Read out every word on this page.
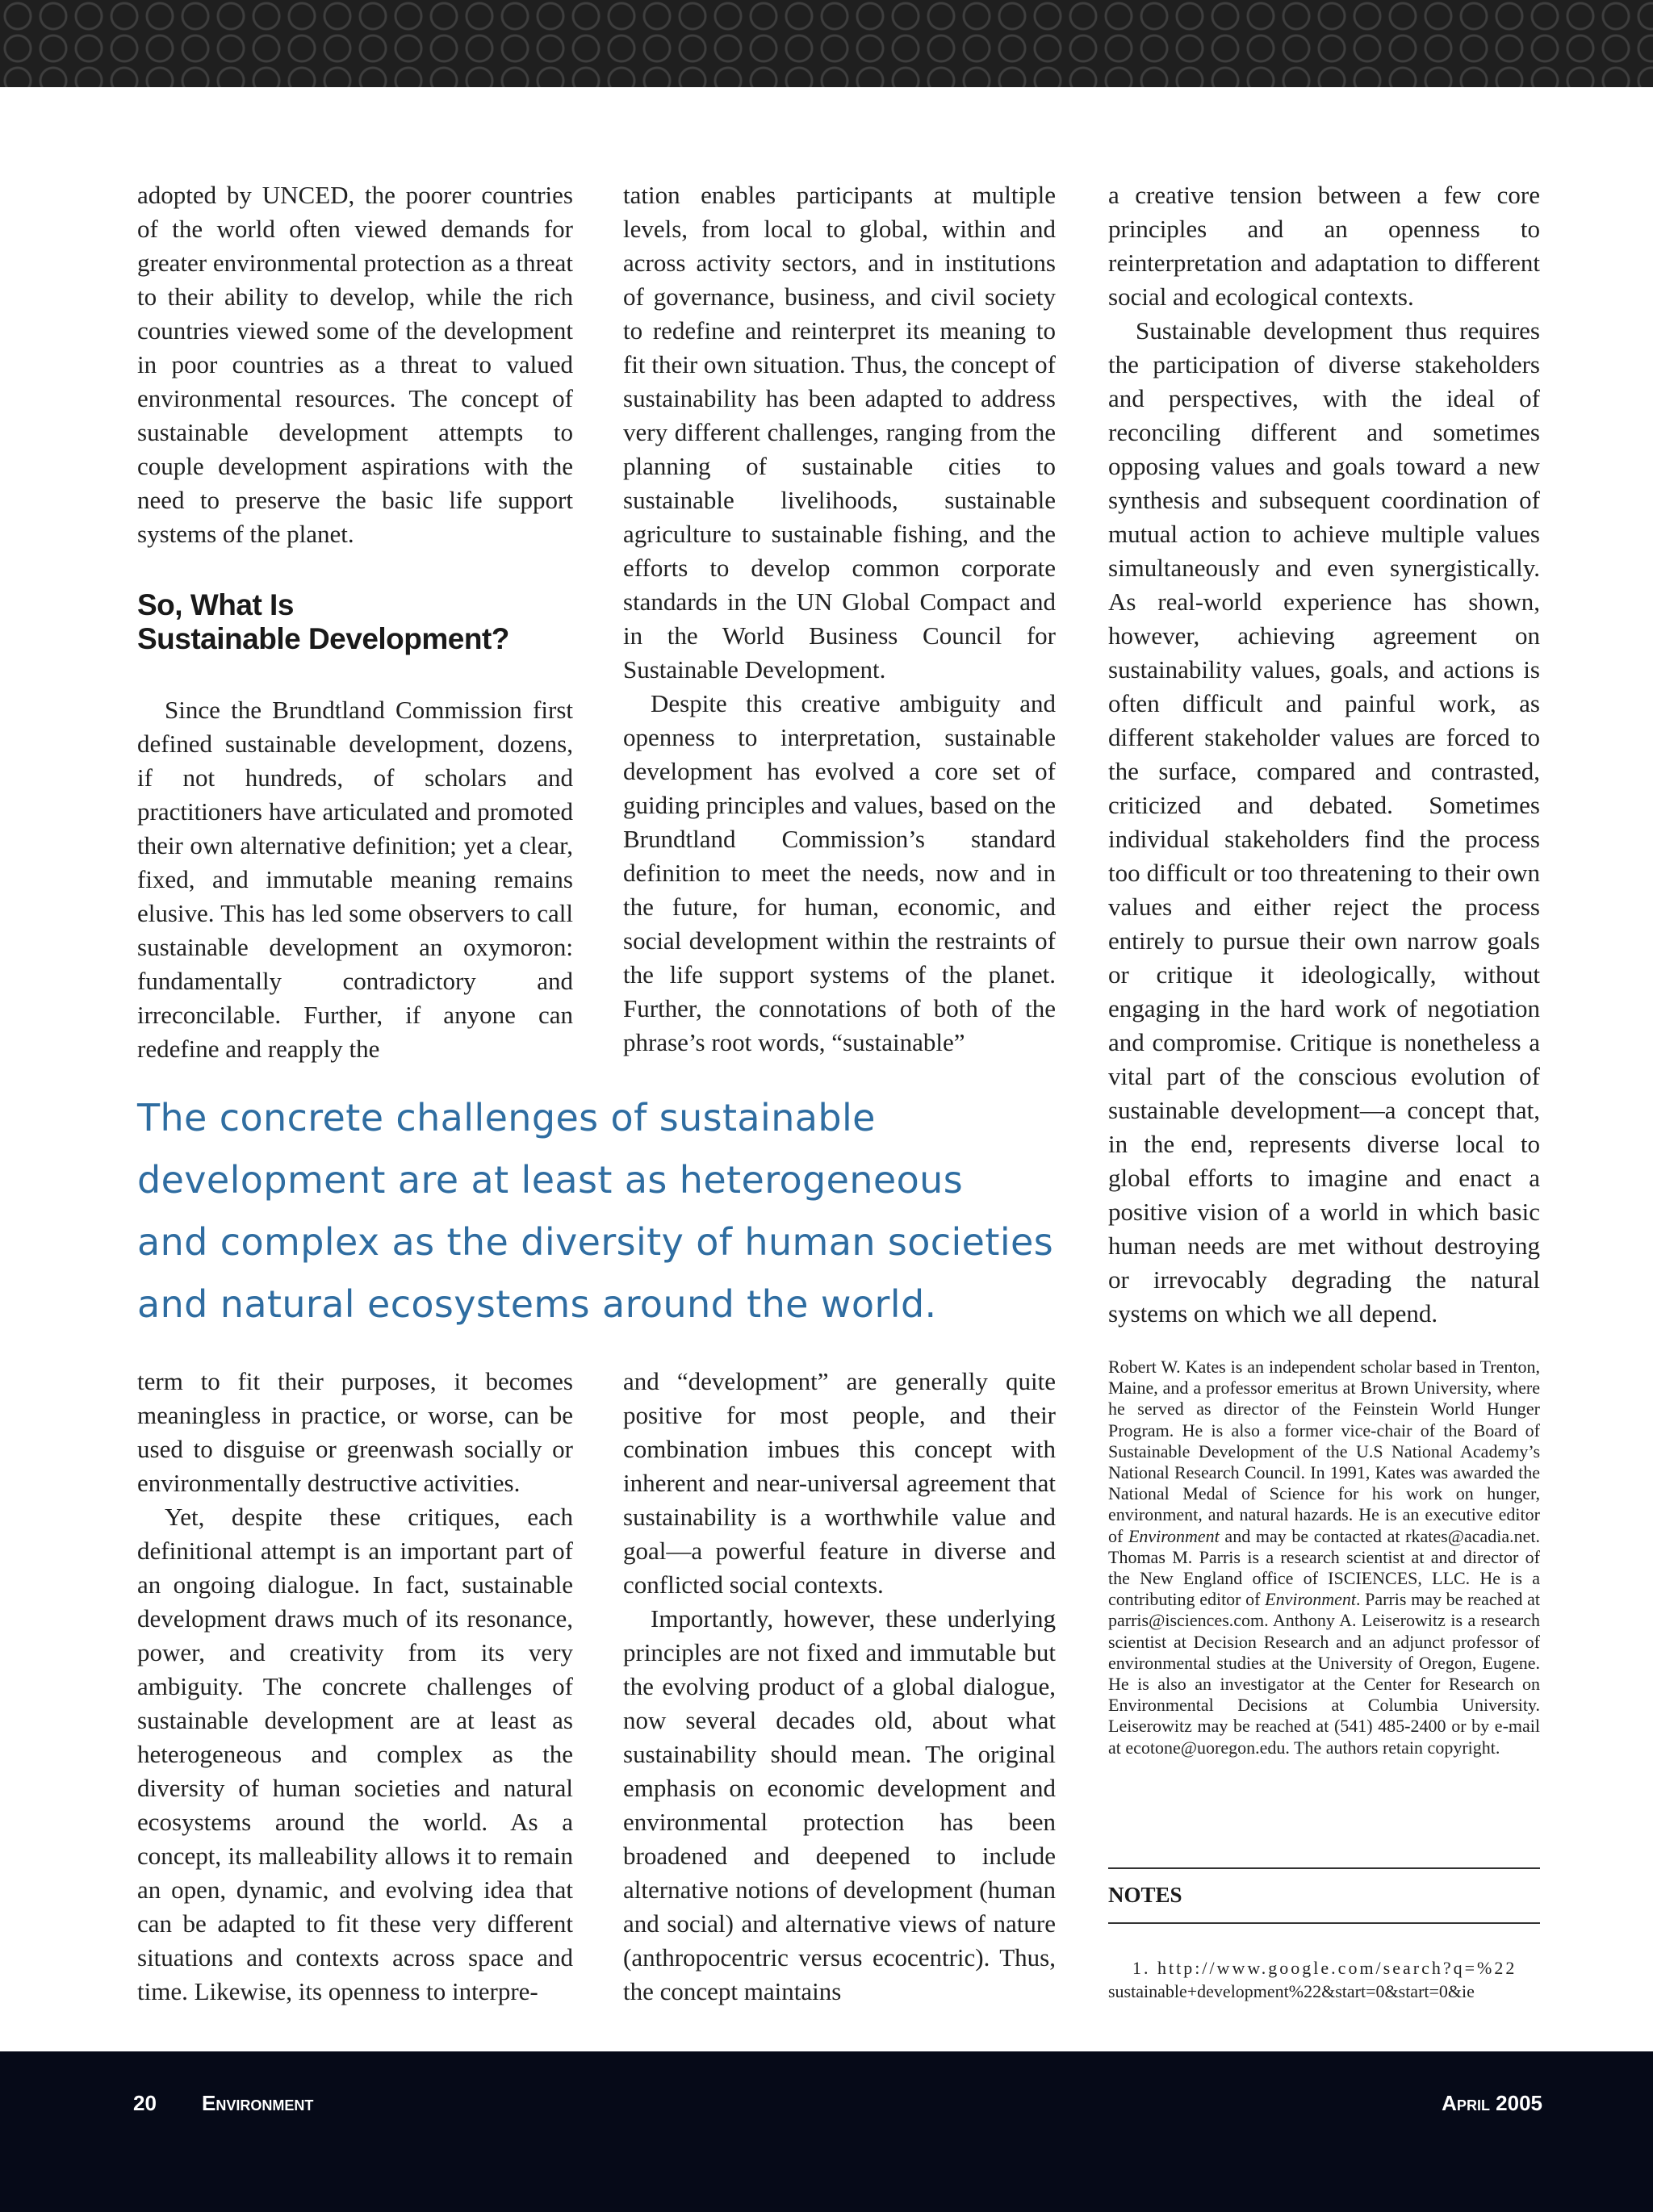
adopted by UNCED, the poorer countries of the world often viewed demands for greater environmental protection as a threat to their ability to develop, while the rich countries viewed some of the development in poor countries as a threat to valued environmental resources. The concept of sustainable development attempts to couple development aspirations with the need to preserve the basic life support systems of the planet.

So, What Is
Sustainable Development?

Since the Brundtland Commission first defined sustainable development, dozens, if not hundreds, of scholars and practitioners have articulated and promoted their own alternative definition; yet a clear, fixed, and immutable meaning remains elusive. This has led some observers to call sustainable development an oxymoron: fundamentally contradictory and irreconcilable. Further, if anyone can redefine and reapply the

tation enables participants at multiple levels, from local to global, within and across activity sectors, and in institutions of governance, business, and civil society to redefine and reinterpret its meaning to fit their own situation. Thus, the concept of sustainability has been adapted to address very different challenges, ranging from the planning of sustainable cities to sustainable livelihoods, sustainable agriculture to sustainable fishing, and the efforts to develop common corporate standards in the UN Global Compact and in the World Business Council for Sustainable Development.

Despite this creative ambiguity and openness to interpretation, sustainable development has evolved a core set of guiding principles and values, based on the Brundtland Commission’s standard definition to meet the needs, now and in the future, for human, economic, and social development within the restraints of the life support systems of the planet. Further, the connotations of both of the phrase’s root words, “sustainable”

a creative tension between a few core principles and an openness to reinterpretation and adaptation to different social and ecological contexts.

Sustainable development thus requires the participation of diverse stakeholders and perspectives, with the ideal of reconciling different and sometimes opposing values and goals toward a new synthesis and subsequent coordination of mutual action to achieve multiple values simultaneously and even synergistically. As real-world experience has shown, however, achieving agreement on sustainability values, goals, and actions is often difficult and painful work, as different stakeholder values are forced to the surface, compared and contrasted, criticized and debated. Sometimes individual stakeholders find the process too difficult or too threatening to their own values and either reject the process entirely to pursue their own narrow goals or critique it ideologically, without engaging in the hard work of negotiation and compromise. Critique is nonetheless a vital part of the conscious evolution of sustainable development—a concept that, in the end, represents diverse local to global efforts to imagine and enact a positive vision of a world in which basic human needs are met without destroying or irrevocably degrading the natural systems on which we all depend.

The concrete challenges of sustainable
development are at least as heterogeneous
and complex as the diversity of human societies
and natural ecosystems around the world.

term to fit their purposes, it becomes meaningless in practice, or worse, can be used to disguise or greenwash socially or environmentally destructive activities.

Yet, despite these critiques, each definitional attempt is an important part of an ongoing dialogue. In fact, sustainable development draws much of its resonance, power, and creativity from its very ambiguity. The concrete challenges of sustainable development are at least as heterogeneous and complex as the diversity of human societies and natural ecosystems around the world. As a concept, its malleability allows it to remain an open, dynamic, and evolving idea that can be adapted to fit these very different situations and contexts across space and time. Likewise, its openness to interpre-

and “development” are generally quite positive for most people, and their combination imbues this concept with inherent and near-universal agreement that sustainability is a worthwhile value and goal—a powerful feature in diverse and conflicted social contexts.

Importantly, however, these underlying principles are not fixed and immutable but the evolving product of a global dialogue, now several decades old, about what sustainability should mean. The original emphasis on economic development and environmental protection has been broadened and deepened to include alternative notions of development (human and social) and alternative views of nature (anthropocentric versus ecocentric). Thus, the concept maintains

Robert W. Kates is an independent scholar based in Trenton, Maine, and a professor emeritus at Brown University, where he served as director of the Feinstein World Hunger Program. He is also a former vice-chair of the Board of Sustainable Development of the U.S National Academy’s National Research Council. In 1991, Kates was awarded the National Medal of Science for his work on hunger, environment, and natural hazards. He is an executive editor of Environment and may be contacted at rkates@acadia.net. Thomas M. Parris is a research scientist at and director of the New England office of ISCIENCES, LLC. He is a contributing editor of Environment. Parris may be reached at parris@isciences.com. Anthony A. Leiserowitz is a research scientist at Decision Research and an adjunct professor of environmental studies at the University of Oregon, Eugene. He is also an investigator at the Center for Research on Environmental Decisions at Columbia University. Leiserowitz may be reached at (541) 485-2400 or by e-mail at ecotone@uoregon.edu. The authors retain copyright.

NOTES
1. http://www.google.com/search?q=%22
sustainable+development%22&start=0&start=0&ie
20 Environment	April 2005
